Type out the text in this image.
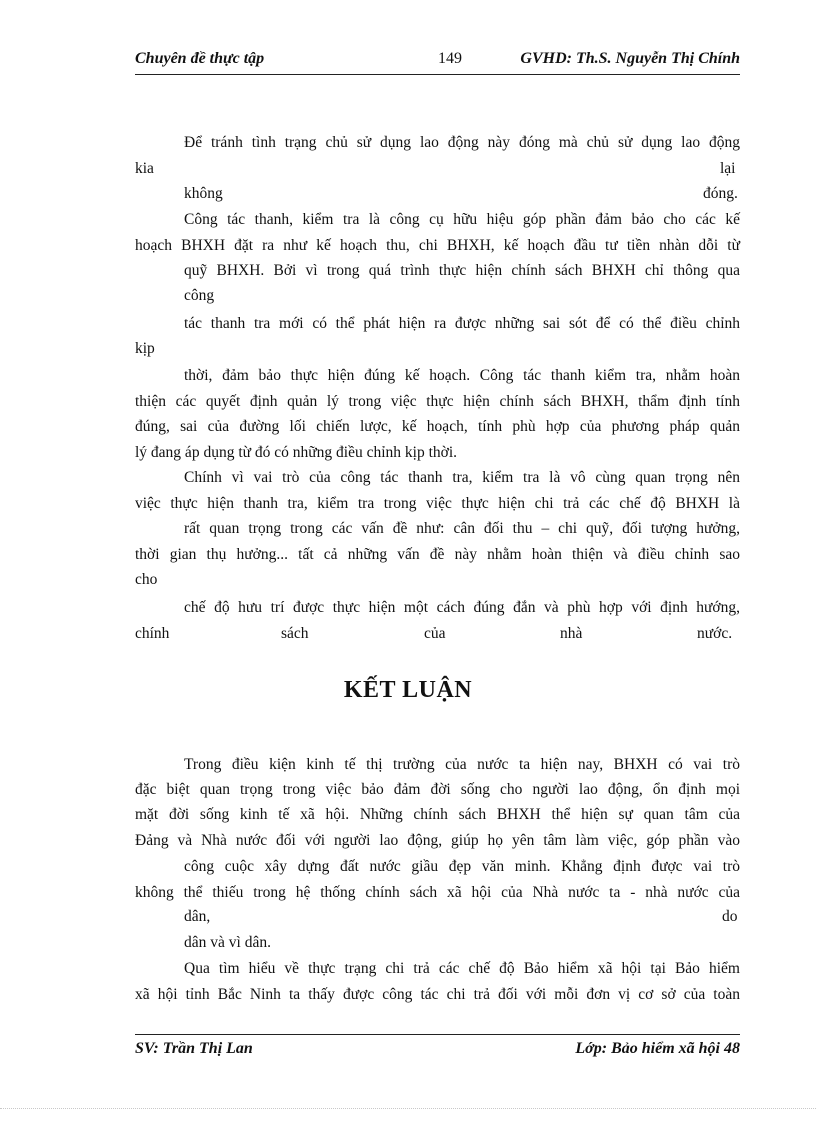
Chuyên đề thực tập	149	GVHD: Th.S. Nguyễn Thị Chính
Để tránh tình trạng chủ sử dụng lao động này đóng mà chủ sử dụng lao động
kia	lại
không	đóng.
Công tác thanh, kiểm tra là công cụ hữu hiệu góp phần đảm bảo cho các kế
hoạch BHXH đặt ra như kế hoạch thu, chi BHXH, kế hoạch đầu tư tiền nhàn dỗi từ
quỹ BHXH. Bởi vì trong quá trình thực hiện chính sách BHXH chỉ thông qua
công
tác thanh tra mới có thể phát hiện ra được những sai sót để có thể điều chỉnh
kịp
thời, đảm bảo thực hiện đúng kế hoạch. Công tác thanh kiểm tra, nhằm hoàn
thiện các quyết định quản lý trong việc thực hiện chính sách BHXH, thẩm định tính
đúng, sai của đường lối chiến lược, kế hoạch, tính phù hợp của phương pháp quản
lý đang áp dụng từ đó có những điều chỉnh kịp thời.
Chính vì vai trò của công tác thanh tra, kiểm tra là vô cùng quan trọng nên
việc thực hiện thanh tra, kiểm tra trong việc thực hiện chi trả các chế độ BHXH là
rất quan trọng trong các vấn đề như: cân đối thu – chi quỹ, đối tượng hưởng,
thời gian thụ hưởng... tất cả những vấn đề này nhằm hoàn thiện và điều chỉnh sao
cho
chế độ hưu trí được thực hiện một cách đúng đắn và phù hợp với định hướng,
chính	sách	của	nhà	nước.
KẾT LUẬN
Trong điều kiện kinh tế thị trường của nước ta hiện nay, BHXH có vai trò
đặc biệt quan trọng trong việc bảo đảm đời sống cho người lao động, ổn định mọi
mặt đời sống kinh tế xã hội. Những chính sách BHXH thể hiện sự quan tâm của
Đảng và Nhà nước đối với người lao động, giúp họ yên tâm làm việc, góp phần vào
công cuộc xây dựng đất nước giầu đẹp văn minh. Khẳng định được vai trò
không thể thiếu trong hệ thống chính sách xã hội của Nhà nước ta - nhà nước của
dân,	do
dân và vì dân.
Qua tìm hiểu về thực trạng chi trả các chế độ Bảo hiểm xã hội tại Bảo hiểm
xã hội tỉnh Bắc Ninh ta thấy được công tác chi trả đối với mỗi đơn vị cơ sở của toàn
SV: Trần Thị Lan	Lớp: Bảo hiểm xã hội 48
